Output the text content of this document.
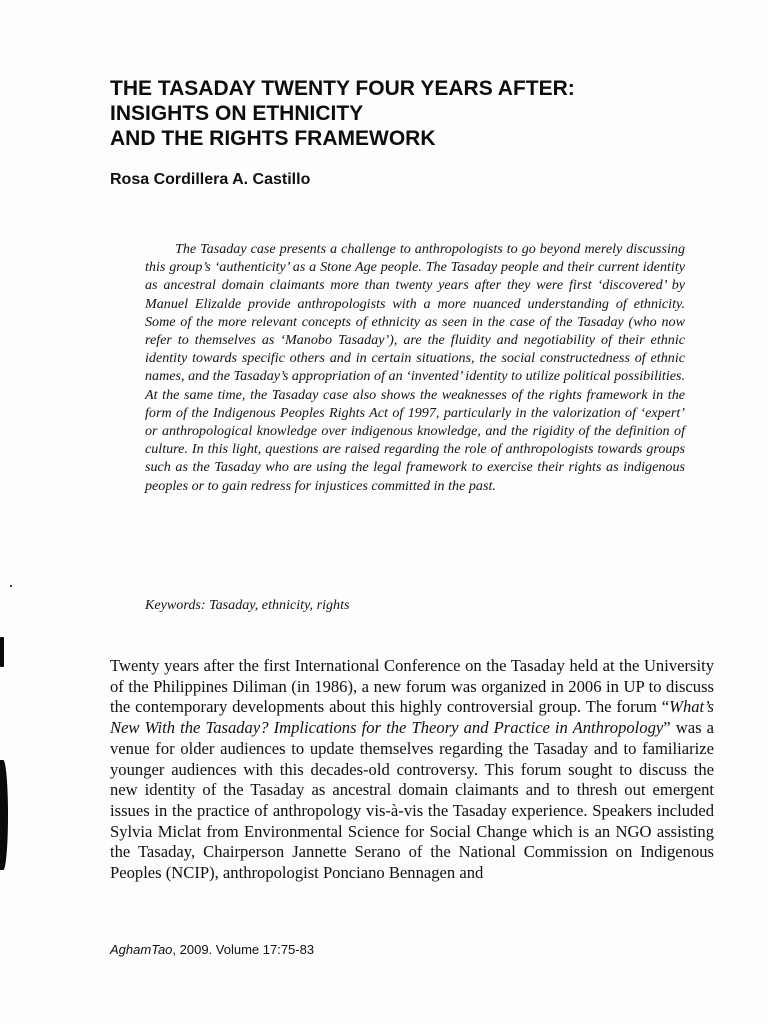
THE TASADAY TWENTY FOUR YEARS AFTER:
INSIGHTS ON ETHNICITY
AND THE RIGHTS FRAMEWORK
Rosa Cordillera A. Castillo

The Tasaday case presents a challenge to anthropologists to go beyond merely discussing this group’s ‘authenticity’ as a Stone Age people. The Tasaday people and their current identity as ancestral domain claimants more than twenty years after they were first ‘discovered’ by Manuel Elizalde provide anthropologists with a more nuanced understanding of ethnicity. Some of the more relevant concepts of ethnicity as seen in the case of the Tasaday (who now refer to themselves as ‘Manobo Tasaday’), are the fluidity and negotiability of their ethnic identity towards specific others and in certain situations, the social constructedness of ethnic names, and the Tasaday’s appropriation of an ‘invented’ identity to utilize political possibilities. At the same time, the Tasaday case also shows the weaknesses of the rights framework in the form of the Indigenous Peoples Rights Act of 1997, particularly in the valorization of ‘expert’ or anthropological knowledge over indigenous knowledge, and the rigidity of the definition of culture. In this light, questions are raised regarding the role of anthropologists towards groups such as the Tasaday who are using the legal framework to exercise their rights as indigenous peoples or to gain redress for injustices committed in the past.

Keywords: Tasaday, ethnicity, rights

Twenty years after the first International Conference on the Tasaday held at the University of the Philippines Diliman (in 1986), a new forum was organized in 2006 in UP to discuss the contemporary developments about this highly controversial group. The forum “What’s New With the Tasaday? Implications for the Theory and Practice in Anthropology” was a venue for older audiences to update themselves regarding the Tasaday and to familiarize younger audiences with this decades-old controversy. This forum sought to discuss the new identity of the Tasaday as ancestral domain claimants and to thresh out emergent issues in the practice of anthropology vis-à-vis the Tasaday experience. Speakers included Sylvia Miclat from Environmental Science for Social Change which is an NGO assisting the Tasaday, Chairperson Jannette Serano of the National Commission on Indigenous Peoples (NCIP), anthropologist Ponciano Bennagen and

AghamTao, 2009. Volume 17:75-83
